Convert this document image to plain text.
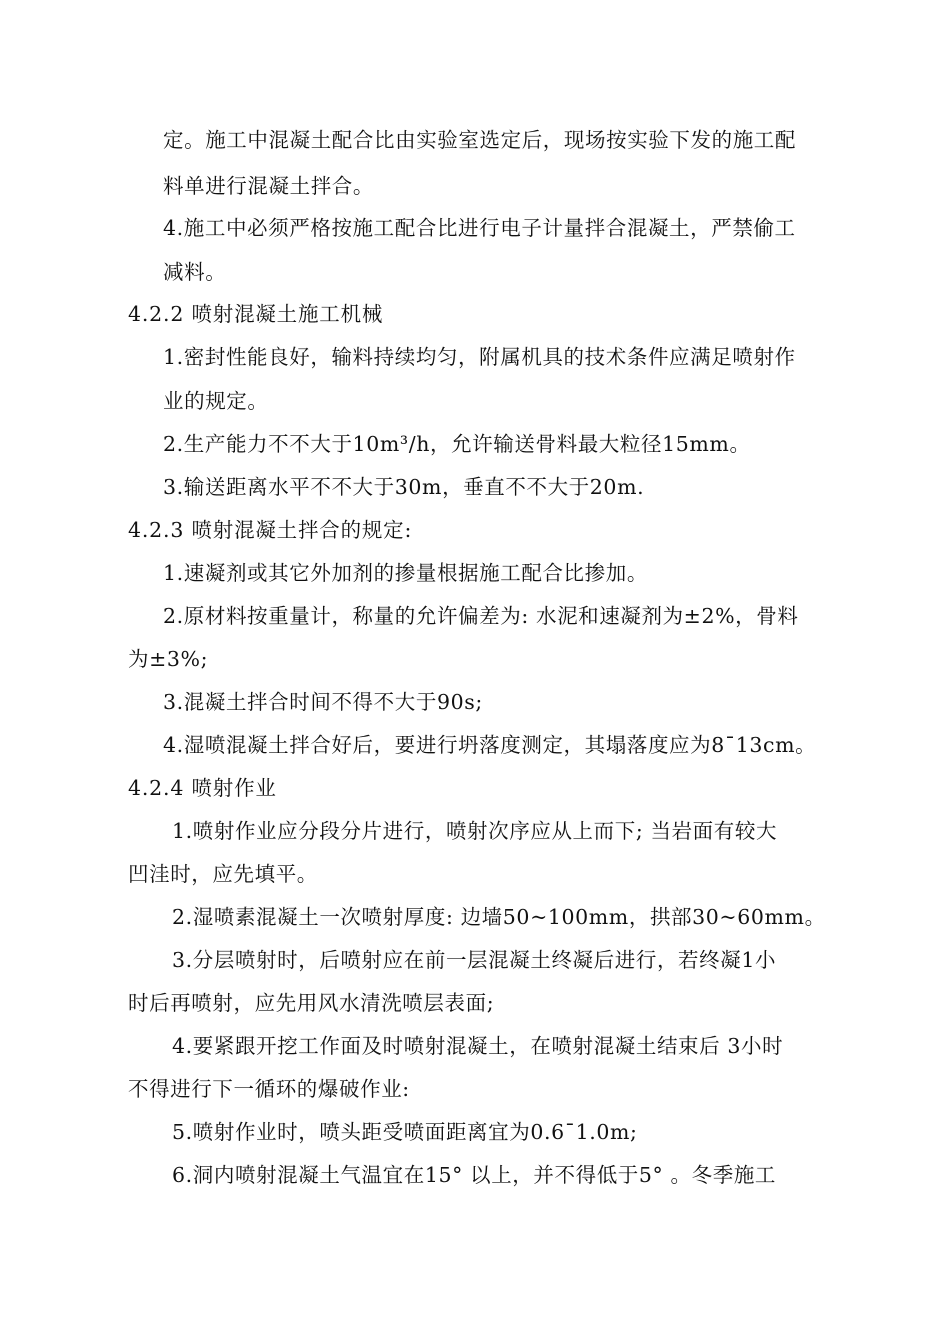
定。施工中混凝土配合比由实验室选定后，现场按实验下发的施工配
料单进行混凝土拌合。
4.施工中必须严格按施工配合比进行电子计量拌合混凝土，严禁偷工
减料。
4.2.2 喷射混凝土施工机械
1.密封性能良好，输料持续均匀，附属机具的技术条件应满足喷射作
业的规定。
2.生产能力不不大于10m³/h，允许输送骨料最大粒径15mm。
3.输送距离水平不不大于30m，垂直不不大于20m.
4.2.3 喷射混凝土拌合的规定:
1.速凝剂或其它外加剂的掺量根据施工配合比掺加。
2.原材料按重量计，称量的允许偏差为: 水泥和速凝剂为±2%，骨料
为±3%;
3.混凝土拌合时间不得不大于90s;
4.湿喷混凝土拌合好后，要进行坍落度测定，其塌落度应为8¯13cm。
4.2.4 喷射作业
1.喷射作业应分段分片进行，喷射次序应从上而下; 当岩面有较大
凹洼时，应先填平。
2.湿喷素混凝土一次喷射厚度: 边墙50~100mm，拱部30~60mm。
3.分层喷射时，后喷射应在前一层混凝土终凝后进行，若终凝1小
时后再喷射，应先用风水清洗喷层表面;
4.要紧跟开挖工作面及时喷射混凝土，在喷射混凝土结束后 3小时
不得进行下一循环的爆破作业:
5.喷射作业时，喷头距受喷面距离宜为0.6¯1.0m;
6.洞内喷射混凝土气温宜在15° 以上，并不得低于5° 。冬季施工
